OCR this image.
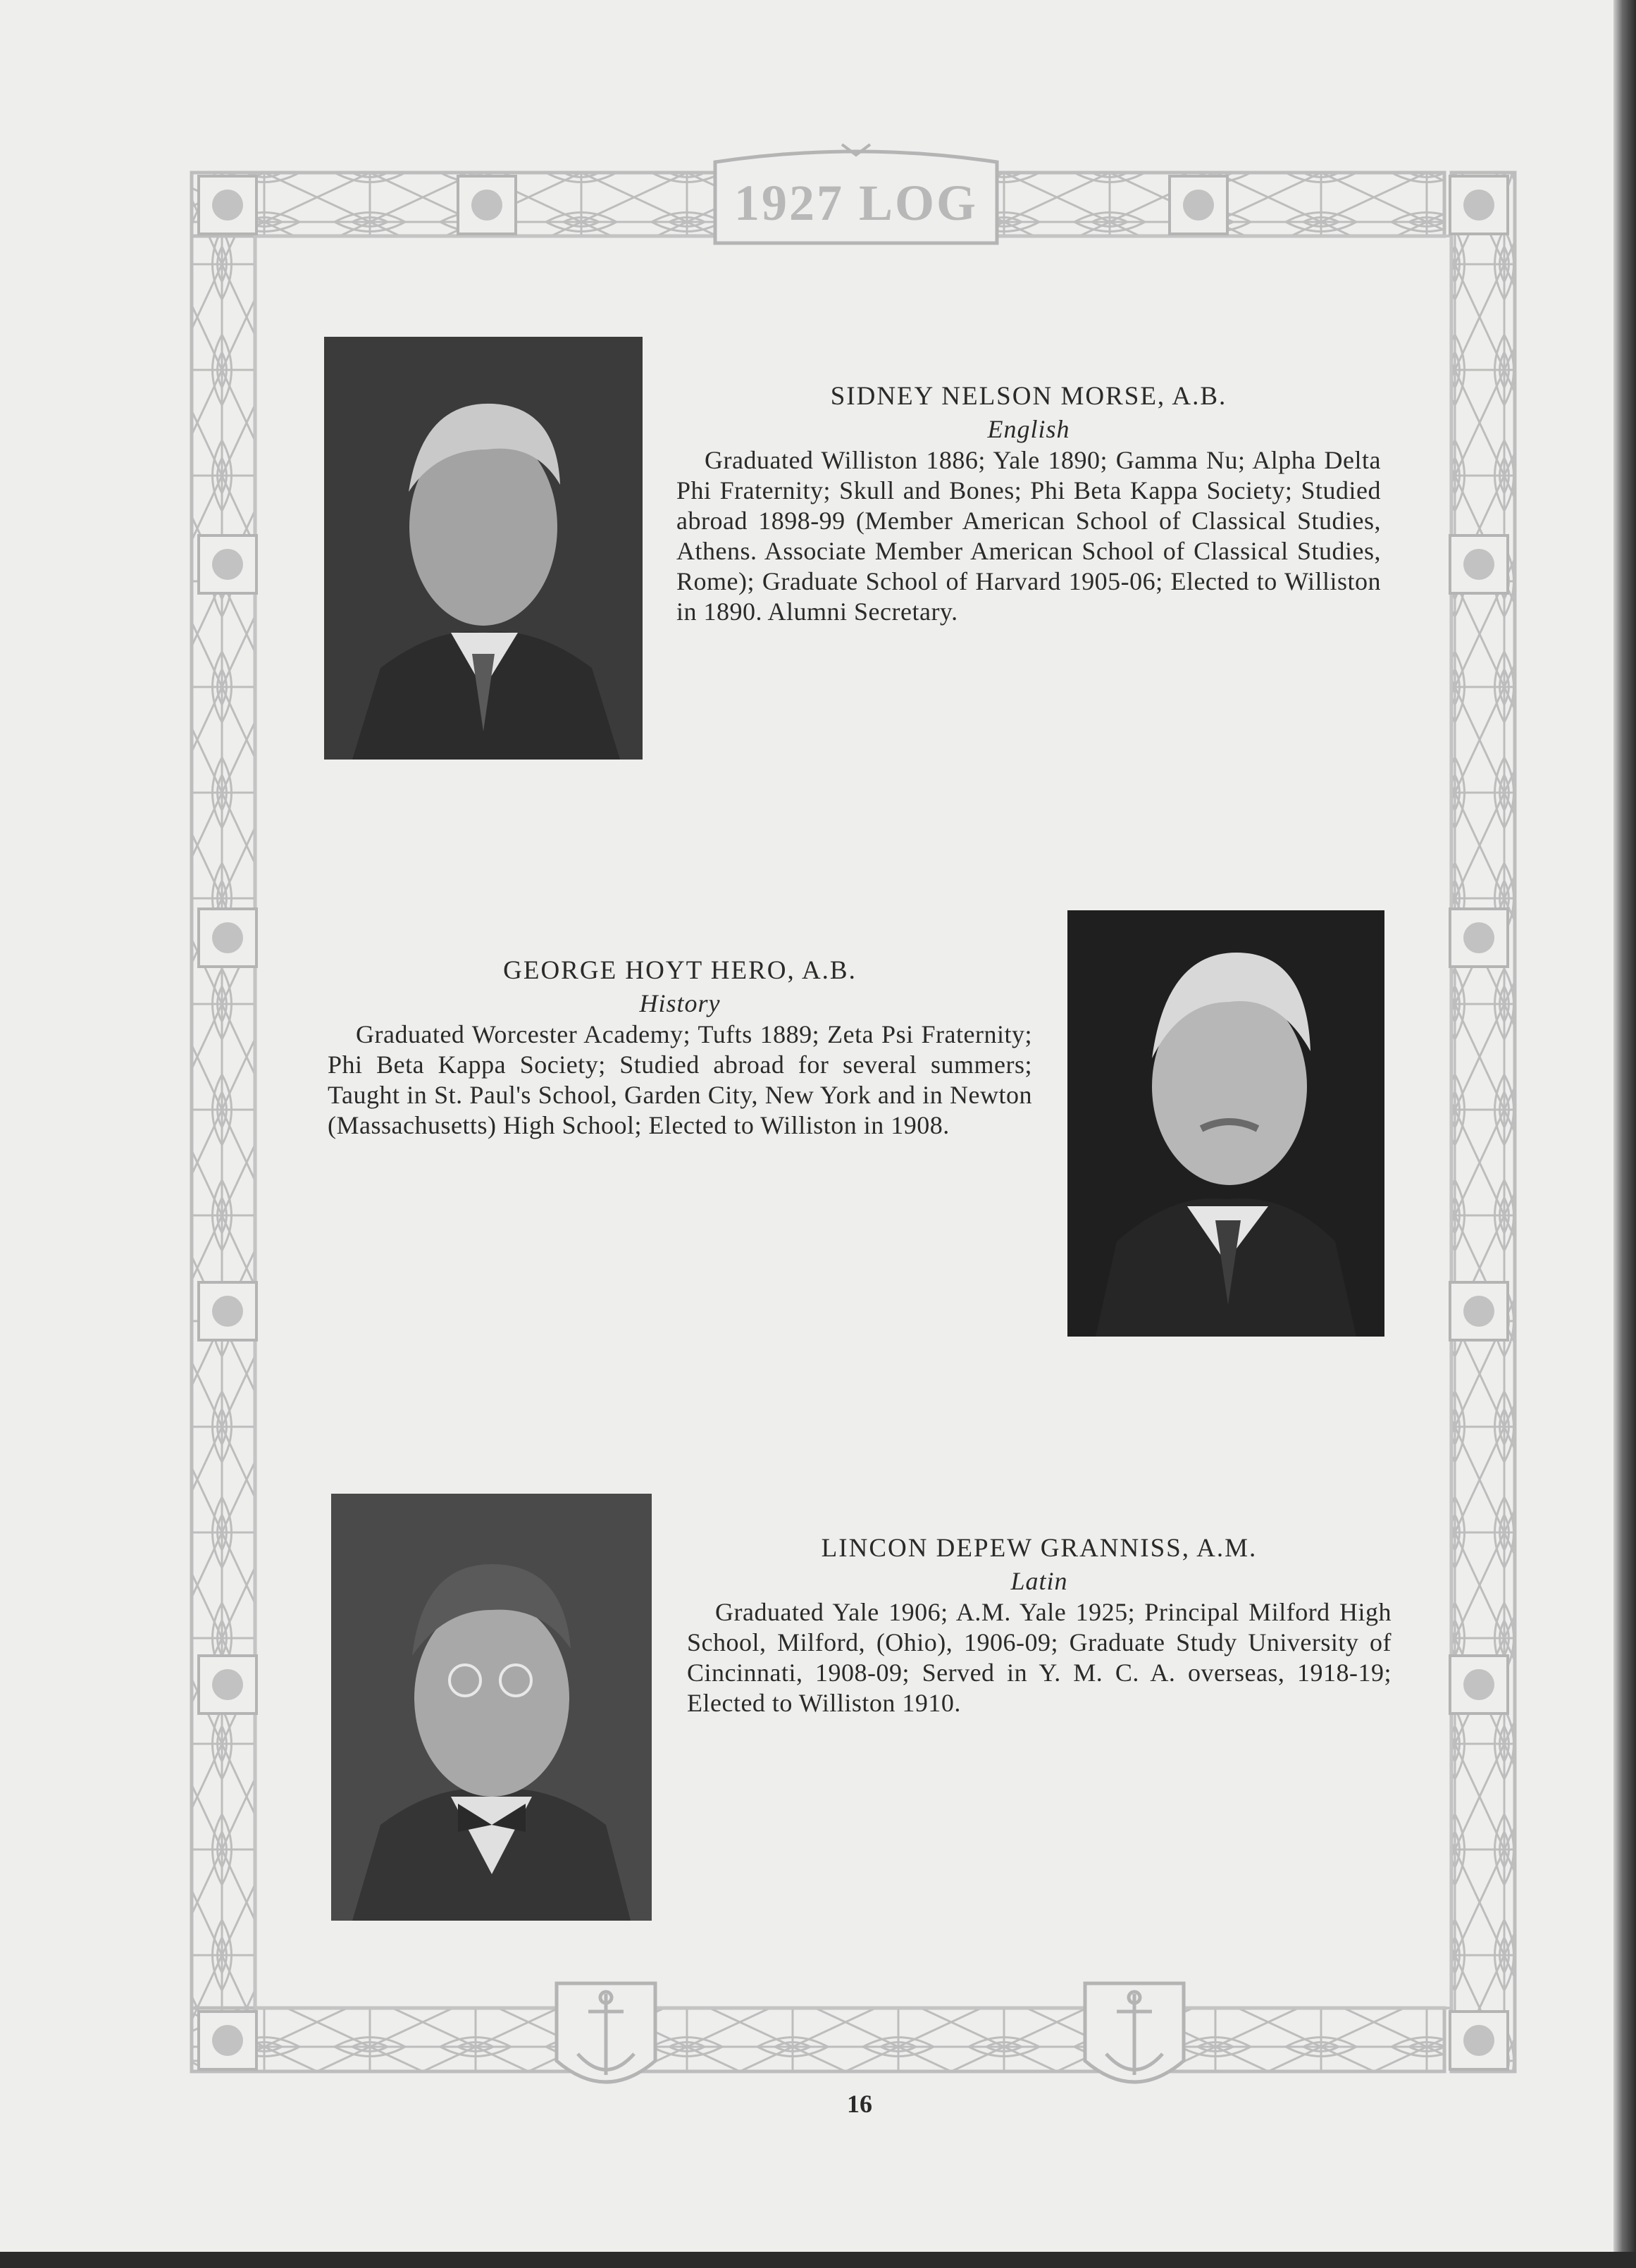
1927 LOG
SIDNEY NELSON MORSE, A.B.
English
Graduated Williston 1886; Yale 1890; Gamma Nu; Alpha Delta Phi Fraternity; Skull and Bones; Phi Beta Kappa Society; Studied abroad 1898-99 (Member American School of Classical Studies, Athens. Associate Member American School of Classical Studies, Rome); Graduate School of Harvard 1905-06; Elected to Williston in 1890. Alumni Secretary.
GEORGE HOYT HERO, A.B.
History
Graduated Worcester Academy; Tufts 1889; Zeta Psi Fraternity; Phi Beta Kappa Society; Studied abroad for several summers; Taught in St. Paul's School, Garden City, New York and in Newton (Massachusetts) High School; Elected to Williston in 1908.
LINCON DEPEW GRANNISS, A.M.
Latin
Graduated Yale 1906; A.M. Yale 1925; Principal Milford High School, Milford, (Ohio), 1906-09; Graduate Study University of Cincinnati, 1908-09; Served in Y. M. C. A. overseas, 1918-19; Elected to Williston 1910.
16
